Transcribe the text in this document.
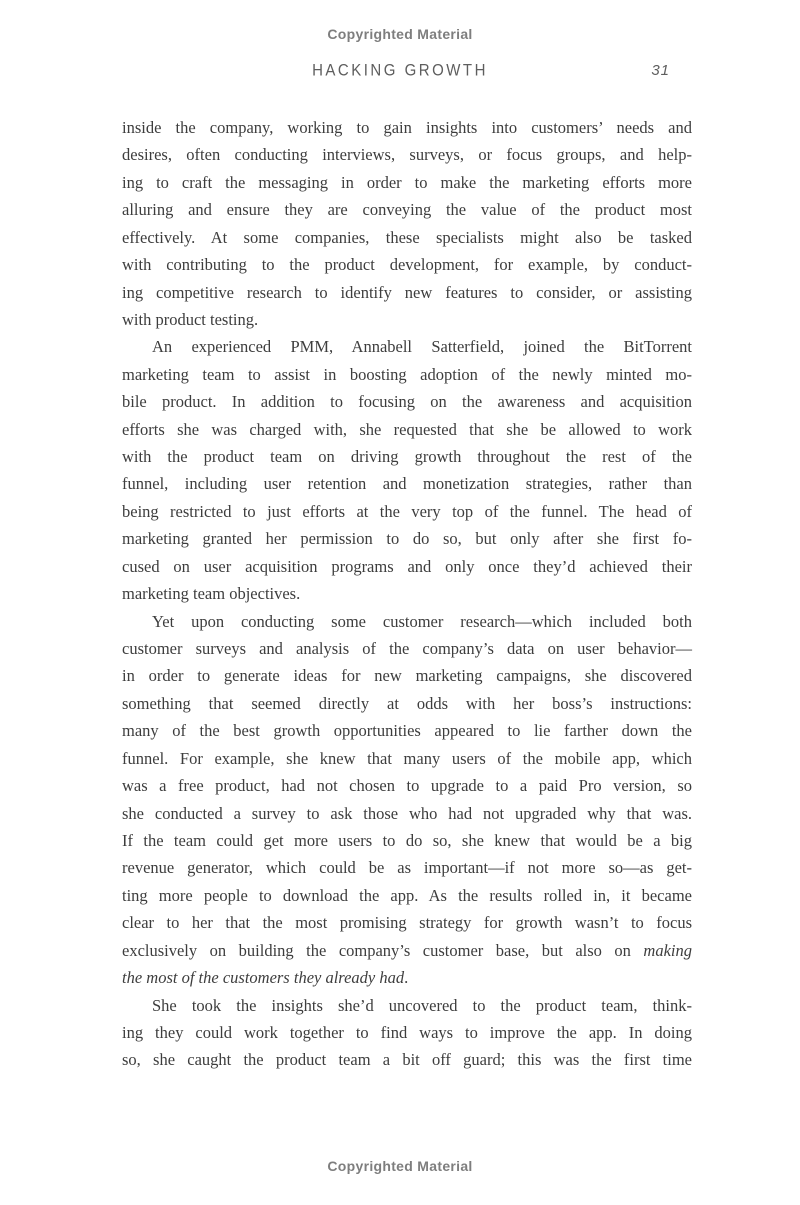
Copyrighted Material
HACKING GROWTH	31

inside the company, working to gain insights into customers’ needs and
desires, often conducting interviews, surveys, or focus groups, and help-
ing to craft the messaging in order to make the marketing efforts more
alluring and ensure they are conveying the value of the product most
effectively. At some companies, these specialists might also be tasked
with contributing to the product development, for example, by conduct-
ing competitive research to identify new features to consider, or assisting
with product testing.

An experienced PMM, Annabell Satterfield, joined the BitTorrent
marketing team to assist in boosting adoption of the newly minted mo-
bile product. In addition to focusing on the awareness and acquisition
efforts she was charged with, she requested that she be allowed to work
with the product team on driving growth throughout the rest of the
funnel, including user retention and monetization strategies, rather than
being restricted to just efforts at the very top of the funnel. The head of
marketing granted her permission to do so, but only after she first fo-
cused on user acquisition programs and only once they’d achieved their
marketing team objectives.

Yet upon conducting some customer research—which included both
customer surveys and analysis of the company’s data on user behavior—
in order to generate ideas for new marketing campaigns, she discovered
something that seemed directly at odds with her boss’s instructions:
many of the best growth opportunities appeared to lie farther down the
funnel. For example, she knew that many users of the mobile app, which
was a free product, had not chosen to upgrade to a paid Pro version, so
she conducted a survey to ask those who had not upgraded why that was.
If the team could get more users to do so, she knew that would be a big
revenue generator, which could be as important—if not more so—as get-
ting more people to download the app. As the results rolled in, it became
clear to her that the most promising strategy for growth wasn’t to focus
exclusively on building the company’s customer base, but also on making
the most of the customers they already had.

She took the insights she’d uncovered to the product team, think-
ing they could work together to find ways to improve the app. In doing
so, she caught the product team a bit off guard; this was the first time

Copyrighted Material
